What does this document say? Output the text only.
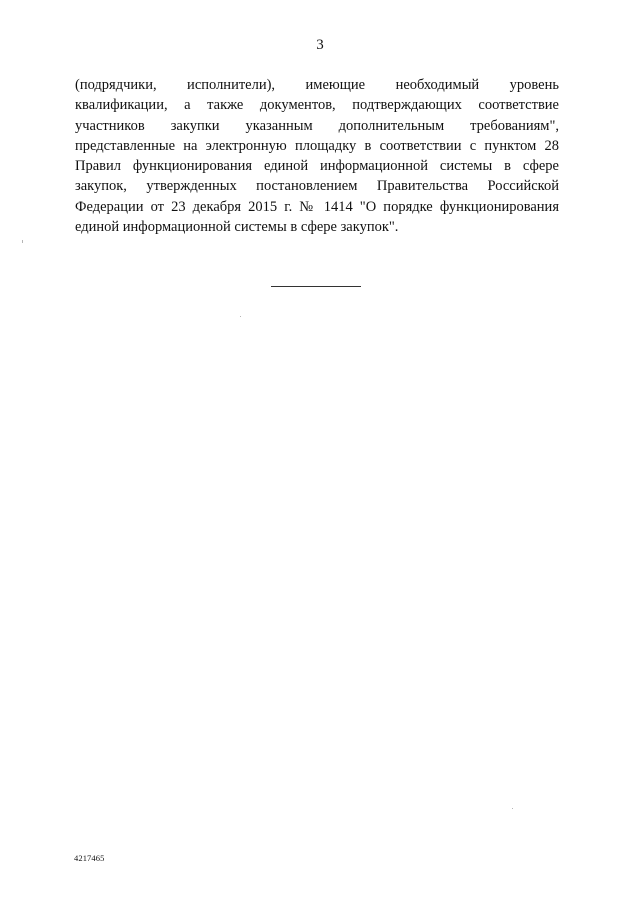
3
(подрядчики, исполнители), имеющие необходимый уровень
квалификации, а также документов, подтверждающих соответствие
участников закупки указанным дополнительным требованиям",
представленные на электронную площадку в соответствии с пунктом 28
Правил функционирования единой информационной системы в сфере
закупок, утвержденных постановлением Правительства Российской
Федерации от 23 декабря 2015 г. № 1414 "О порядке функционирования
единой информационной системы в сфере закупок".
4217465
